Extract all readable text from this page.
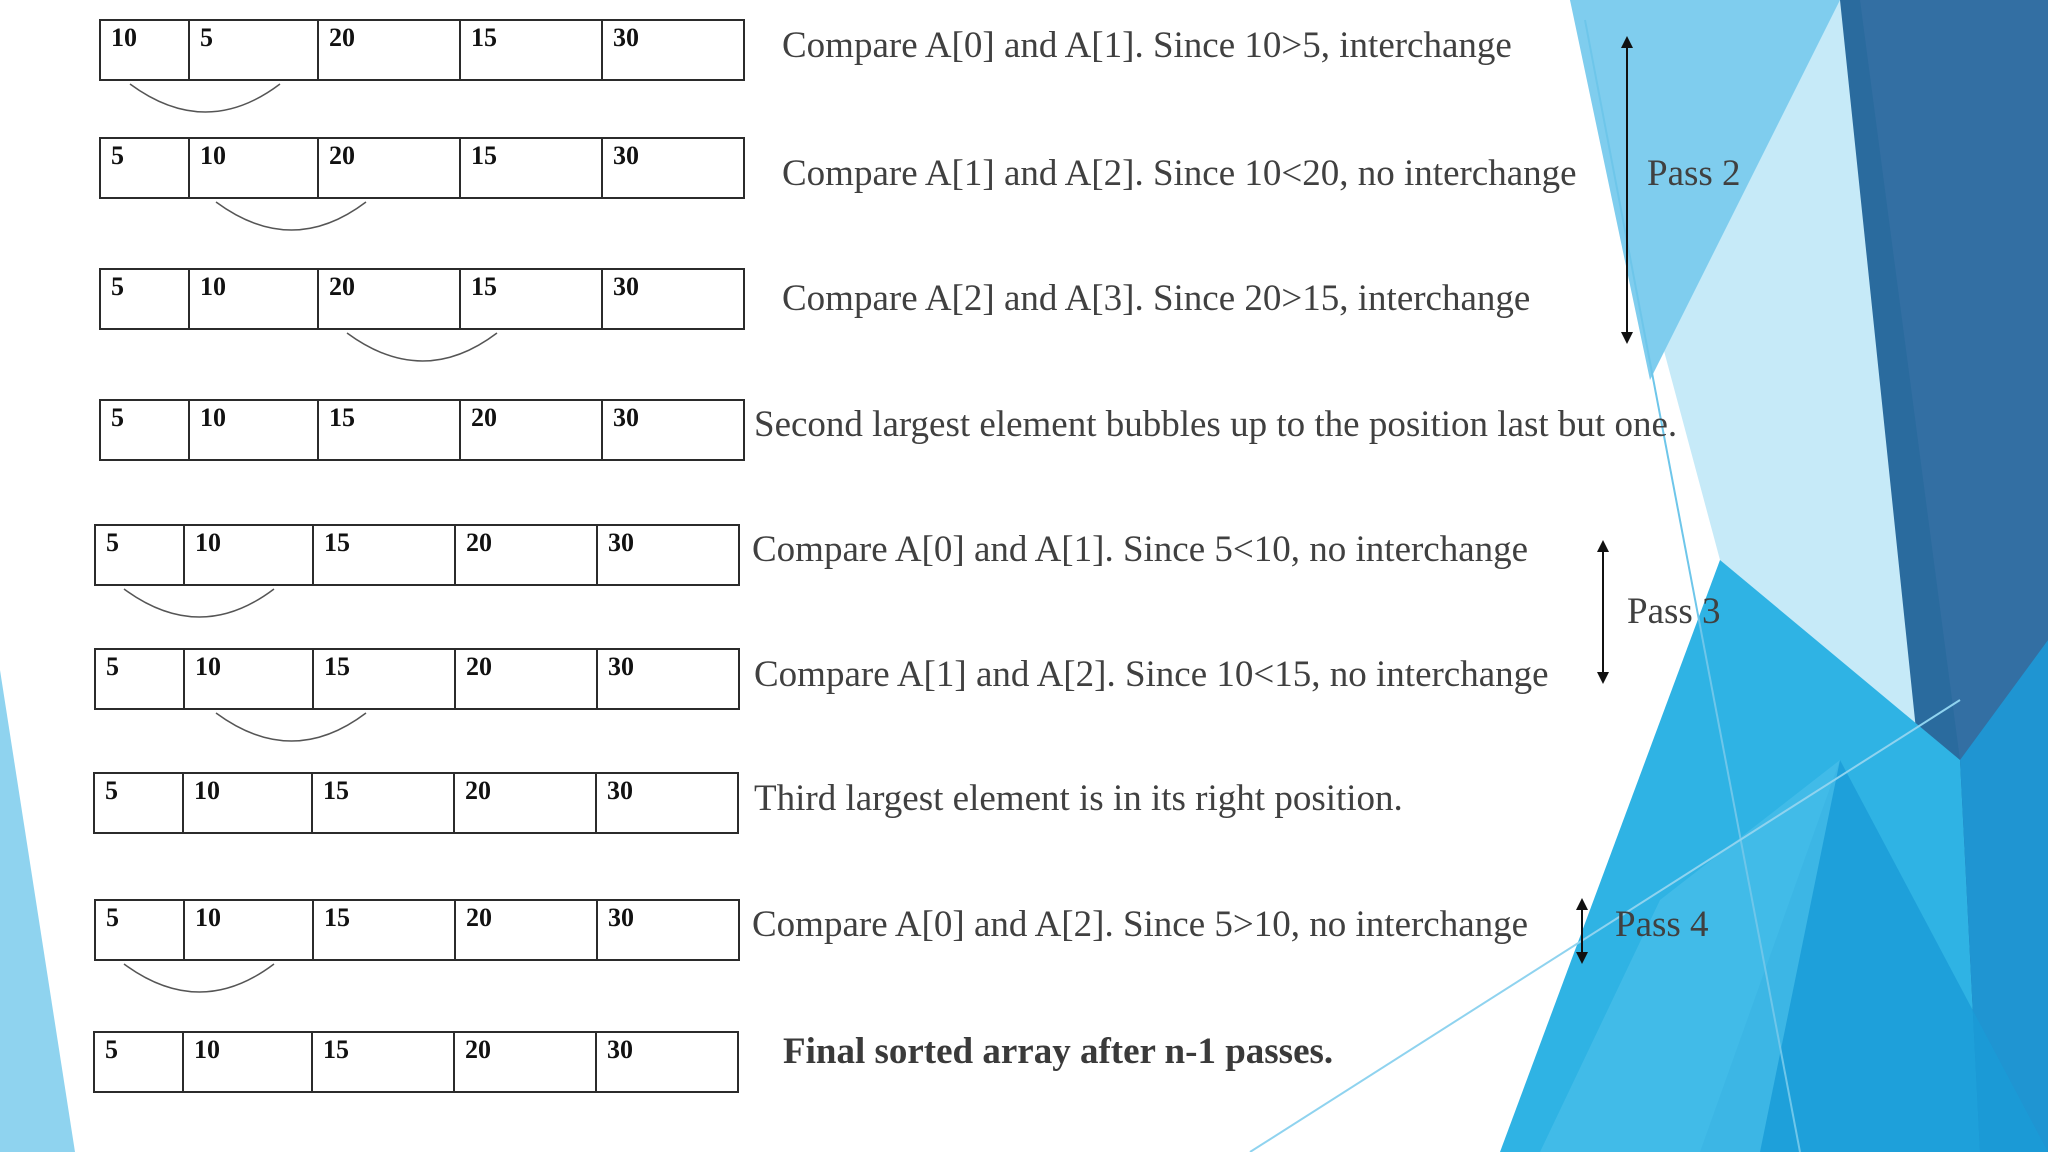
10	5	20	15	30	Compare A[0] and A[1]. Since 10>5, interchange
5	10	20	15	30	Compare A[1] and A[2]. Since 10<20, no interchange
5	10	20	15	30	Compare A[2] and A[3]. Since 20>15, interchange
Pass 2
5	10	15	20	30	Second largest element bubbles up to the position last but one.
5	10	15	20	30	Compare A[0] and A[1]. Since 5<10, no interchange
5	10	15	20	30	Compare A[1] and A[2]. Since 10<15, no interchange
Pass 3
5	10	15	20	30	Third largest element is in its right position.
5	10	15	20	30	Compare A[0] and A[2]. Since 5>10, no interchange Pass 4
5	10	15	20	30	Final sorted array after n-1 passes.
